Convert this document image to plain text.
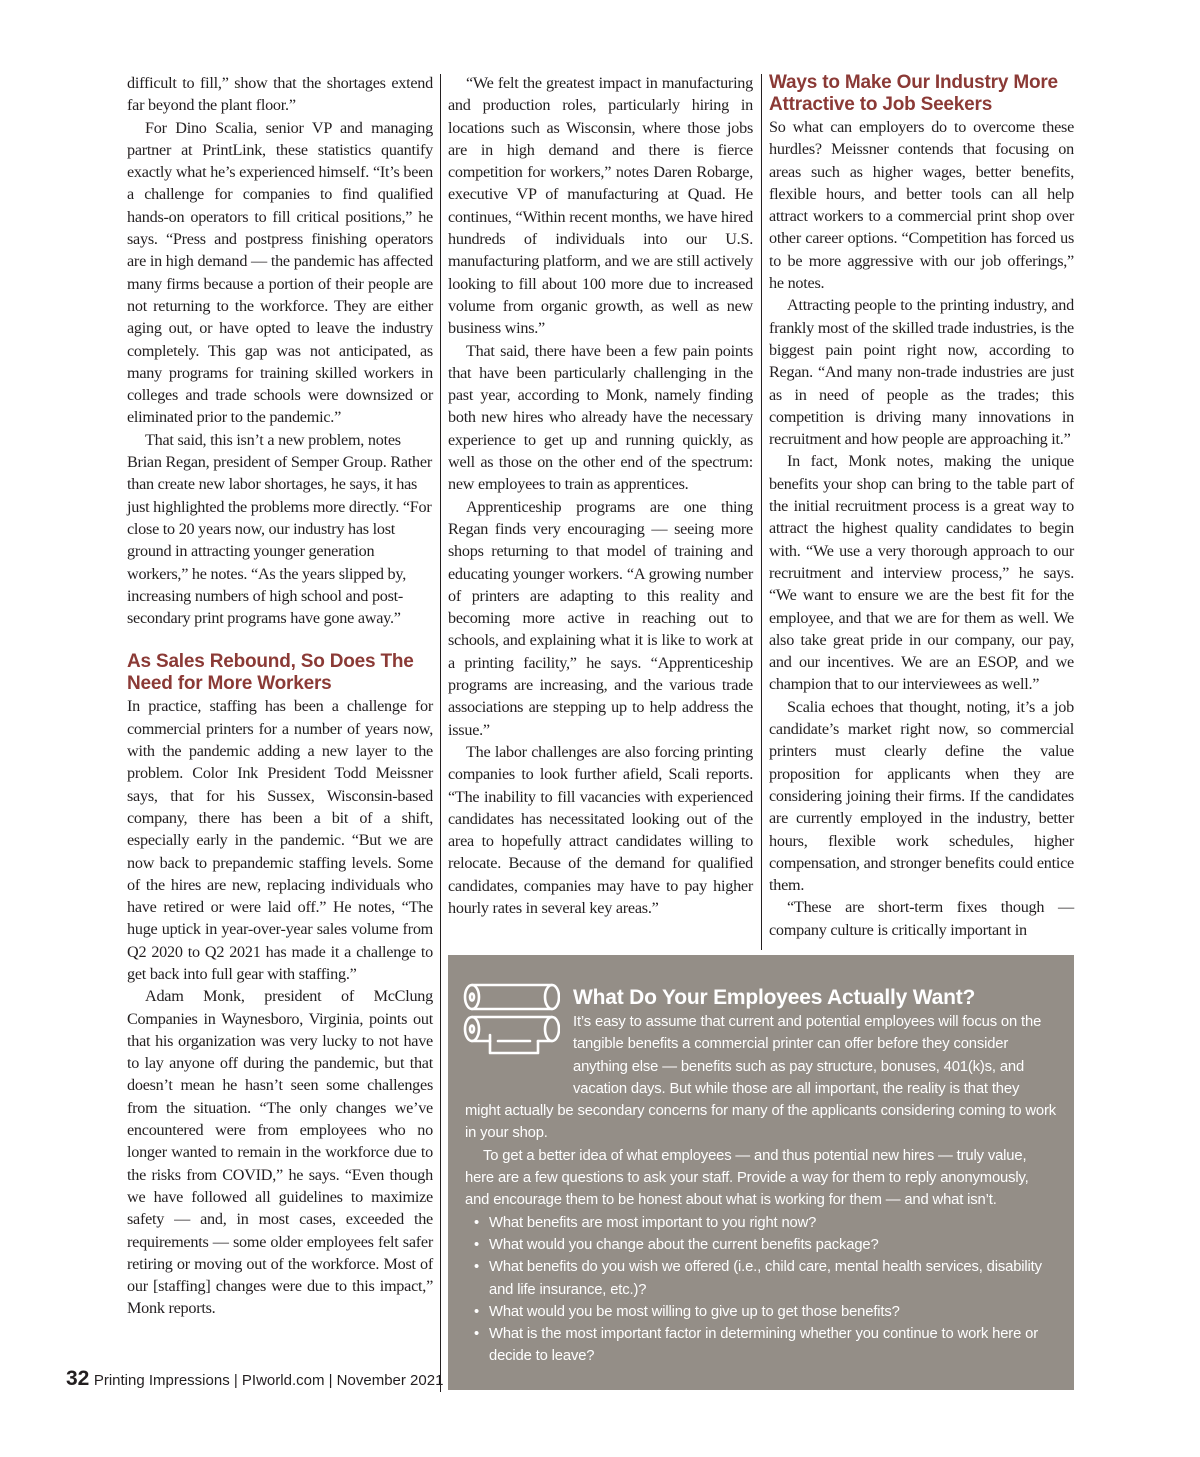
difficult to fill,” show that the shortages extend far beyond the plant floor.”

For Dino Scalia, senior VP and managing partner at PrintLink, these statistics quantify exactly what he’s experienced himself. “It’s been a challenge for companies to find qualified hands-on operators to fill critical positions,” he says. “Press and postpress finishing operators are in high demand — the pandemic has affected many firms because a portion of their people are not returning to the workforce. They are either aging out, or have opted to leave the industry completely. This gap was not anticipated, as many programs for training skilled workers in colleges and trade schools were downsized or eliminated prior to the pandemic.”

That said, this isn’t a new problem, notes Brian Regan, president of Semper Group. Rather than create new labor shortages, he says, it has just highlighted the problems more directly. “For close to 20 years now, our industry has lost ground in attracting younger generation workers,” he notes. “As the years slipped by, increasing numbers of high school and post-secondary print programs have gone away.”

As Sales Rebound, So Does The Need for More Workers

In practice, staffing has been a challenge for commercial printers for a number of years now, with the pandemic adding a new layer to the problem. Color Ink President Todd Meissner says, that for his Sussex, Wisconsin-based company, there has been a bit of a shift, especially early in the pandemic. “But we are now back to prepandemic staffing levels. Some of the hires are new, replacing individuals who have retired or were laid off.” He notes, “The huge uptick in year-over-year sales volume from Q2 2020 to Q2 2021 has made it a challenge to get back into full gear with staffing.”

Adam Monk, president of McClung Companies in Waynesboro, Virginia, points out that his organization was very lucky to not have to lay anyone off during the pandemic, but that doesn’t mean he hasn’t seen some challenges from the situation. “The only changes we’ve encountered were from employees who no longer wanted to remain in the workforce due to the risks from COVID,” he says. “Even though we have followed all guidelines to maximize safety — and, in most cases, exceeded the requirements — some older employees felt safer retiring or moving out of the workforce. Most of our [staffing] changes were due to this impact,” Monk reports.

“We felt the greatest impact in manufacturing and production roles, particularly hiring in locations such as Wisconsin, where those jobs are in high demand and there is fierce competition for workers,” notes Daren Robarge, executive VP of manufacturing at Quad. He continues, “Within recent months, we have hired hundreds of individuals into our U.S. manufacturing platform, and we are still actively looking to fill about 100 more due to increased volume from organic growth, as well as new business wins.”

That said, there have been a few pain points that have been particularly challenging in the past year, according to Monk, namely finding both new hires who already have the necessary experience to get up and running quickly, as well as those on the other end of the spectrum: new employees to train as apprentices.

Apprenticeship programs are one thing Regan finds very encouraging — seeing more shops returning to that model of training and educating younger workers. “A growing number of printers are adapting to this reality and becoming more active in reaching out to schools, and explaining what it is like to work at a printing facility,” he says. “Apprenticeship programs are increasing, and the various trade associations are stepping up to help address the issue.”

The labor challenges are also forcing printing companies to look further afield, Scali reports. “The inability to fill vacancies with experienced candidates has necessitated looking out of the area to hopefully attract candidates willing to relocate. Because of the demand for qualified candidates, companies may have to pay higher hourly rates in several key areas.”

Ways to Make Our Industry More Attractive to Job Seekers

So what can employers do to overcome these hurdles? Meissner contends that focusing on areas such as higher wages, better benefits, flexible hours, and better tools can all help attract workers to a commercial print shop over other career options. “Competition has forced us to be more aggressive with our job offerings,” he notes.

Attracting people to the printing industry, and frankly most of the skilled trade industries, is the biggest pain point right now, according to Regan. “And many non-trade industries are just as in need of people as the trades; this competition is driving many innovations in recruitment and how people are approaching it.”

In fact, Monk notes, making the unique benefits your shop can bring to the table part of the initial recruitment process is a great way to attract the highest quality candidates to begin with. “We use a very thorough approach to our recruitment and interview process,” he says. “We want to ensure we are the best fit for the employee, and that we are for them as well. We also take great pride in our company, our pay, and our incentives. We are an ESOP, and we champion that to our interviewees as well.”

Scalia echoes that thought, noting, it’s a job candidate’s market right now, so commercial printers must clearly define the value proposition for applicants when they are considering joining their firms. If the candidates are currently employed in the industry, better hours, flexible work schedules, higher compensation, and stronger benefits could entice them.

“These are short-term fixes though — company culture is critically important in

What Do Your Employees Actually Want?

It’s easy to assume that current and potential employees will focus on the tangible benefits a commercial printer can offer before they consider anything else — benefits such as pay structure, bonuses, 401(k)s, and vacation days. But while those are all important, the reality is that they might actually be secondary concerns for many of the applicants considering coming to work in your shop.

To get a better idea of what employees — and thus potential new hires — truly value, here are a few questions to ask your staff. Provide a way for them to reply anonymously, and encourage them to be honest about what is working for them — and what isn’t.

• What benefits are most important to you right now?
• What would you change about the current benefits package?
• What benefits do you wish we offered (i.e., child care, mental health services, disability and life insurance, etc.)?
• What would you be most willing to give up to get those benefits?
• What is the most important factor in determining whether you continue to work here or decide to leave?
32 Printing Impressions | PIworld.com | November 2021
